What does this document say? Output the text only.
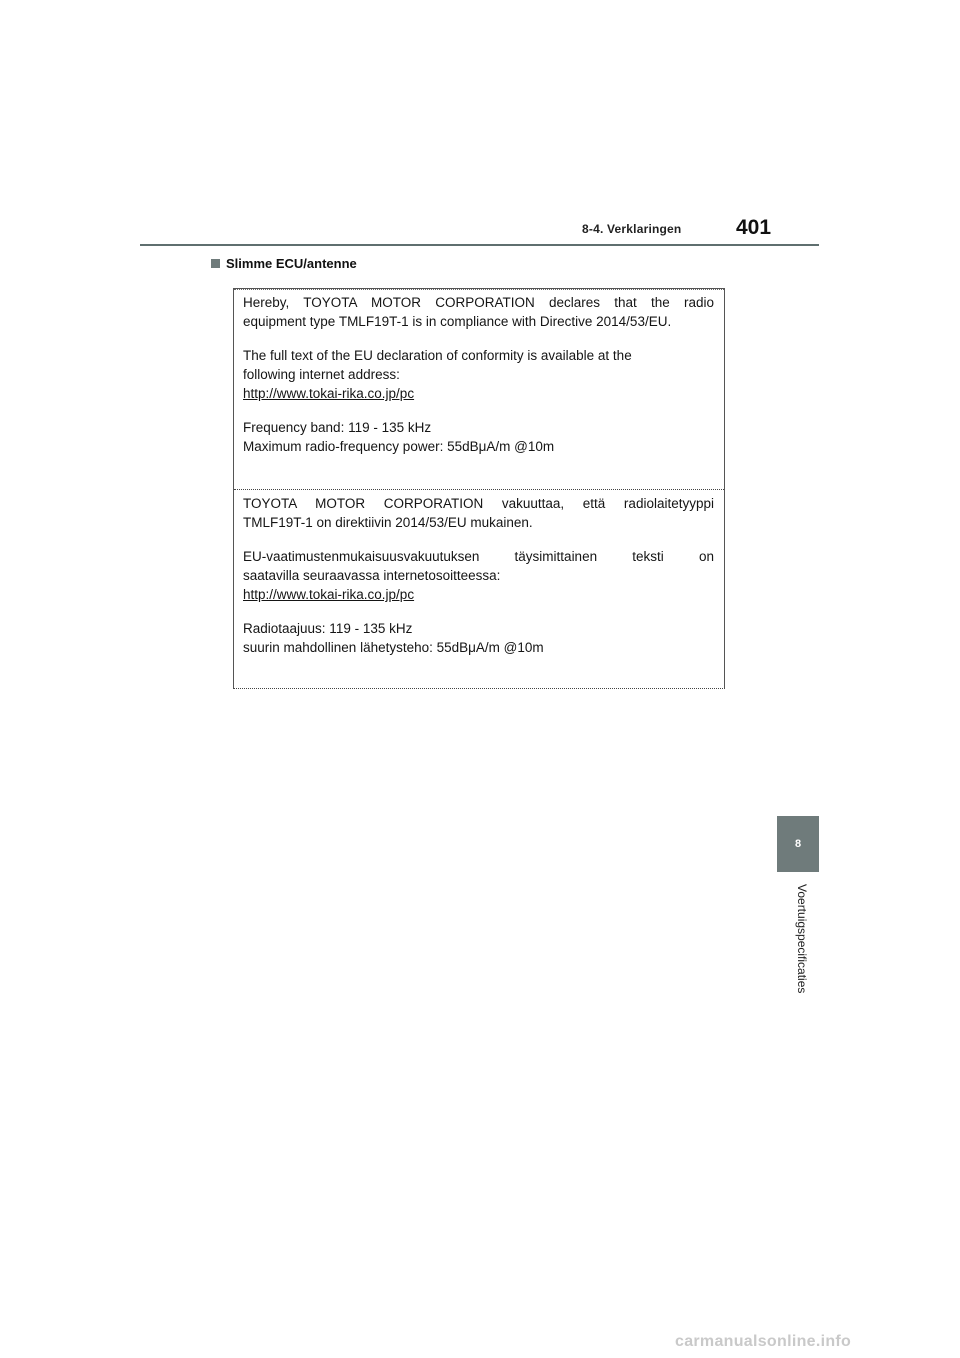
8-4. Verklaringen	401
Slimme ECU/antenne

Hereby, TOYOTA MOTOR CORPORATION declares that the radio

equipment type TMLF19T-1 is in compliance with Directive 2014/53/EU.

The full text of the EU declaration of conformity is available at the

following internet address:

http://www.tokai-rika.co.jp/pc

Frequency band: 119 - 135 kHz

Maximum radio-frequency power: 55dBμA/m @10m

TOYOTA MOTOR CORPORATION vakuuttaa, että radiolaitetyyppi

TMLF19T-1 on direktiivin 2014/53/EU mukainen.

EU-vaatimustenmukaisuusvakuutuksen täysimittainen teksti on

saatavilla seuraavassa internetosoitteessa:

http://www.tokai-rika.co.jp/pc

Radiotaajuus: 119 - 135 kHz

suurin mahdollinen lähetysteho: 55dBμA/m @10m

8
Voertuigspecificaties
carmanualsonline.info
